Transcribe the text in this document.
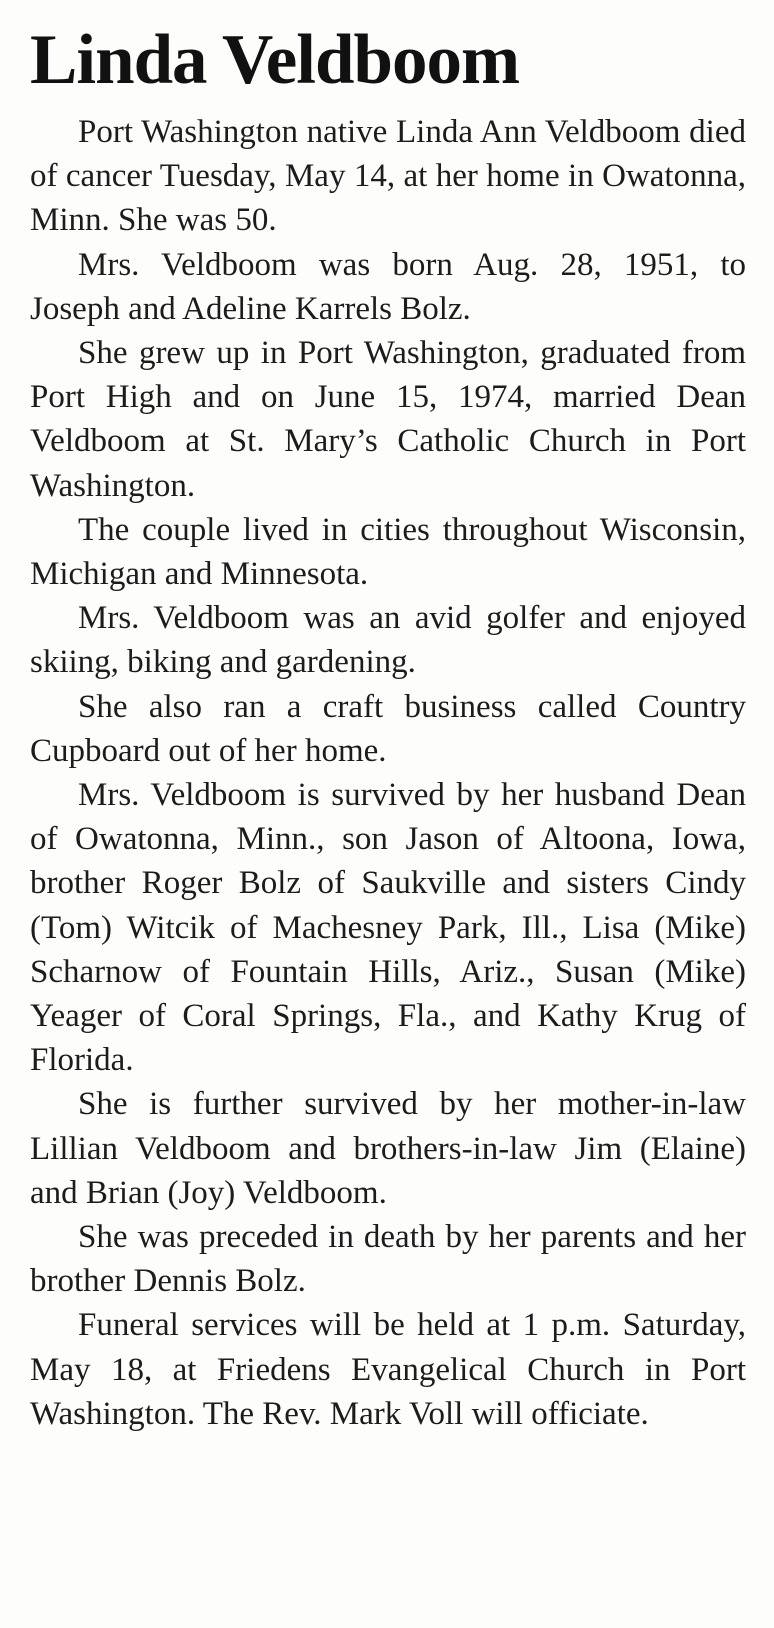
Linda Veldboom

Port Washington native Linda Ann Veldboom died of cancer Tuesday, May 14, at her home in Owatonna, Minn. She was 50.

Mrs. Veldboom was born Aug. 28, 1951, to Joseph and Adeline Karrels Bolz.

She grew up in Port Washington, graduated from Port High and on June 15, 1974, married Dean Veldboom at St. Mary’s Catholic Church in Port Washington.

The couple lived in cities throughout Wisconsin, Michigan and Minnesota.

Mrs. Veldboom was an avid golfer and enjoyed skiing, biking and gardening.

She also ran a craft business called Country Cupboard out of her home.

Mrs. Veldboom is survived by her husband Dean of Owatonna, Minn., son Jason of Altoona, Iowa, brother Roger Bolz of Saukville and sisters Cindy (Tom) Witcik of Machesney Park, Ill., Lisa (Mike) Scharnow of Fountain Hills, Ariz., Susan (Mike) Yeager of Coral Springs, Fla., and Kathy Krug of Florida.

She is further survived by her mother-in-law Lillian Veldboom and brothers-in-law Jim (Elaine) and Brian (Joy) Veldboom.

She was preceded in death by her parents and her brother Dennis Bolz.

Funeral services will be held at 1 p.m. Saturday, May 18, at Friedens Evangelical Church in Port Washington. The Rev. Mark Voll will officiate.
